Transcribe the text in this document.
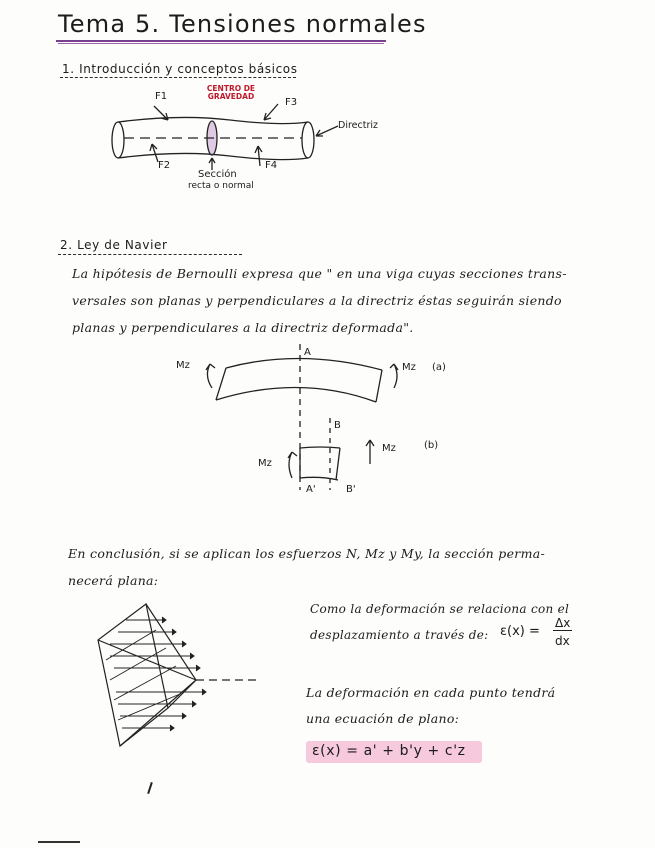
Tema 5. Tensiones normales
1. Introducción y conceptos básicos
F1
CENTRO DE GRAVEDAD
F3
Directriz
F2	F4
Sección
recta o normal
2. Ley de Navier
La hipótesis de Bernoulli expresa que " en una viga cuyas secciones trans-
versales son planas y perpendiculares a la directriz éstas seguirán siendo
planas y perpendiculares a la directriz deformada".
A
Mz	Mz (a)
B
Mz	(b)
Mz
A'	B'
En conclusión, si se aplican los esfuerzos N, Mz y My, la sección perma-
necerá plana:
Como la deformación se relaciona con el
desplazamiento a través de: ε(x) =
Δx
dx
La deformación en cada punto tendrá
una ecuación de plano:
ε(x) = a' + b'y + c'z
